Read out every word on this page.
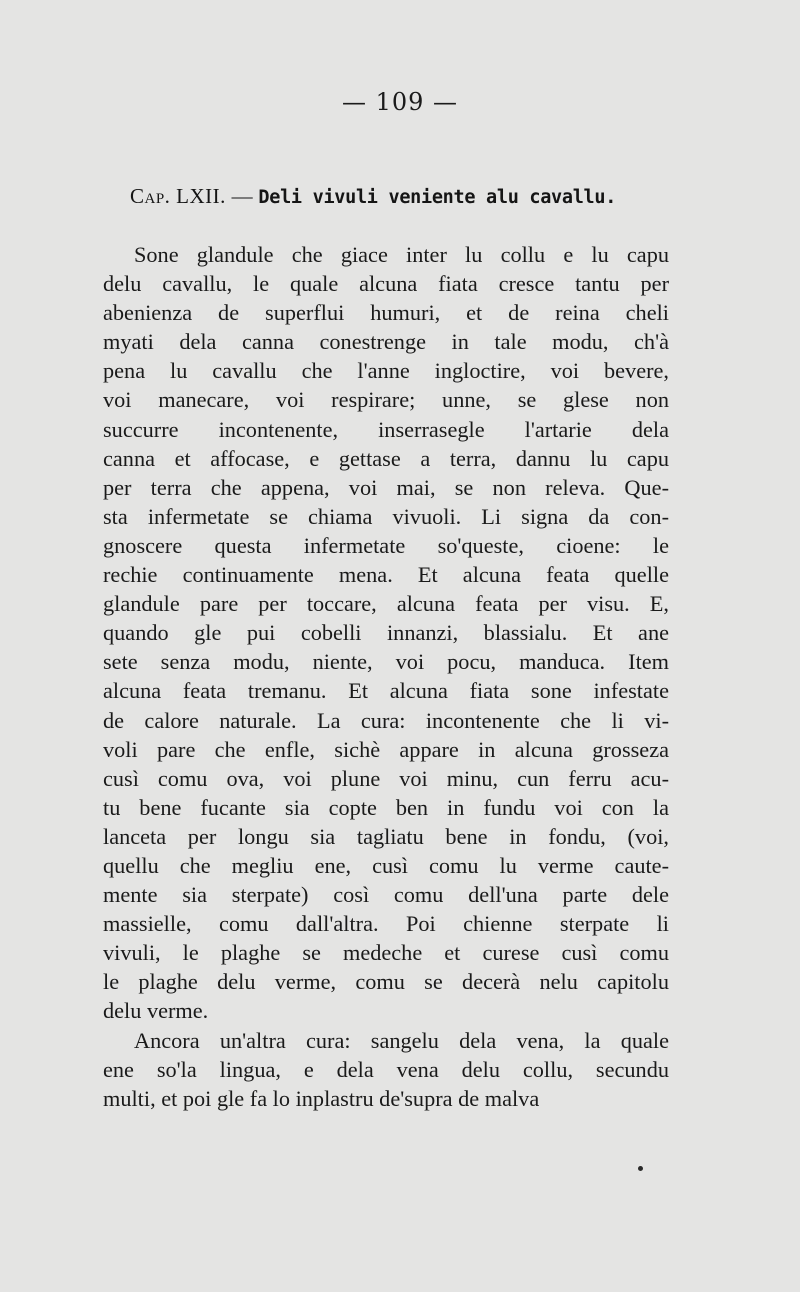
— 109 —
Cap. LXII. — Deli vivuli veniente alu cavallu.
Sone glandule che giace inter lu collu e lu capu
delu cavallu, le quale alcuna fiata cresce tantu per
abenienza de superflui humuri, et de reina cheli
myati dela canna conestrenge in tale modu, ch'à
pena lu cavallu che l'anne ingloctire, voi bevere,
voi manecare, voi respirare; unne, se glese non
succurre incontenente, inserrasegle l'artarie dela
canna et affocase, e gettase a terra, dannu lu capu
per terra che appena, voi mai, se non releva. Que-
sta infermetate se chiama vivuoli. Li signa da con-
gnoscere questa infermetate so'queste, cioene: le
rechie continuamente mena. Et alcuna feata quelle
glandule pare per toccare, alcuna feata per visu. E,
quando gle pui cobelli innanzi, blassialu. Et ane
sete senza modu, niente, voi pocu, manduca. Item
alcuna feata tremanu. Et alcuna fiata sone infestate
de calore naturale. La cura: incontenente che li vi-
voli pare che enfle, sichè appare in alcuna grosseza
cusì comu ova, voi plune voi minu, cun ferru acu-
tu bene fucante sia copte ben in fundu voi con la
lanceta per longu sia tagliatu bene in fondu, (voi,
quellu che megliu ene, cusì comu lu verme caute-
mente sia sterpate) così comu dell'una parte dele
massielle, comu dall'altra. Poi chienne sterpate li
vivuli, le plaghe se medeche et curese cusì comu
le plaghe delu verme, comu se decerà nelu capitolu
delu verme.
Ancora un'altra cura: sangelu dela vena, la quale
ene so'la lingua, e dela vena delu collu, secundu
multi, et poi gle fa lo inplastru de'supra de malva
